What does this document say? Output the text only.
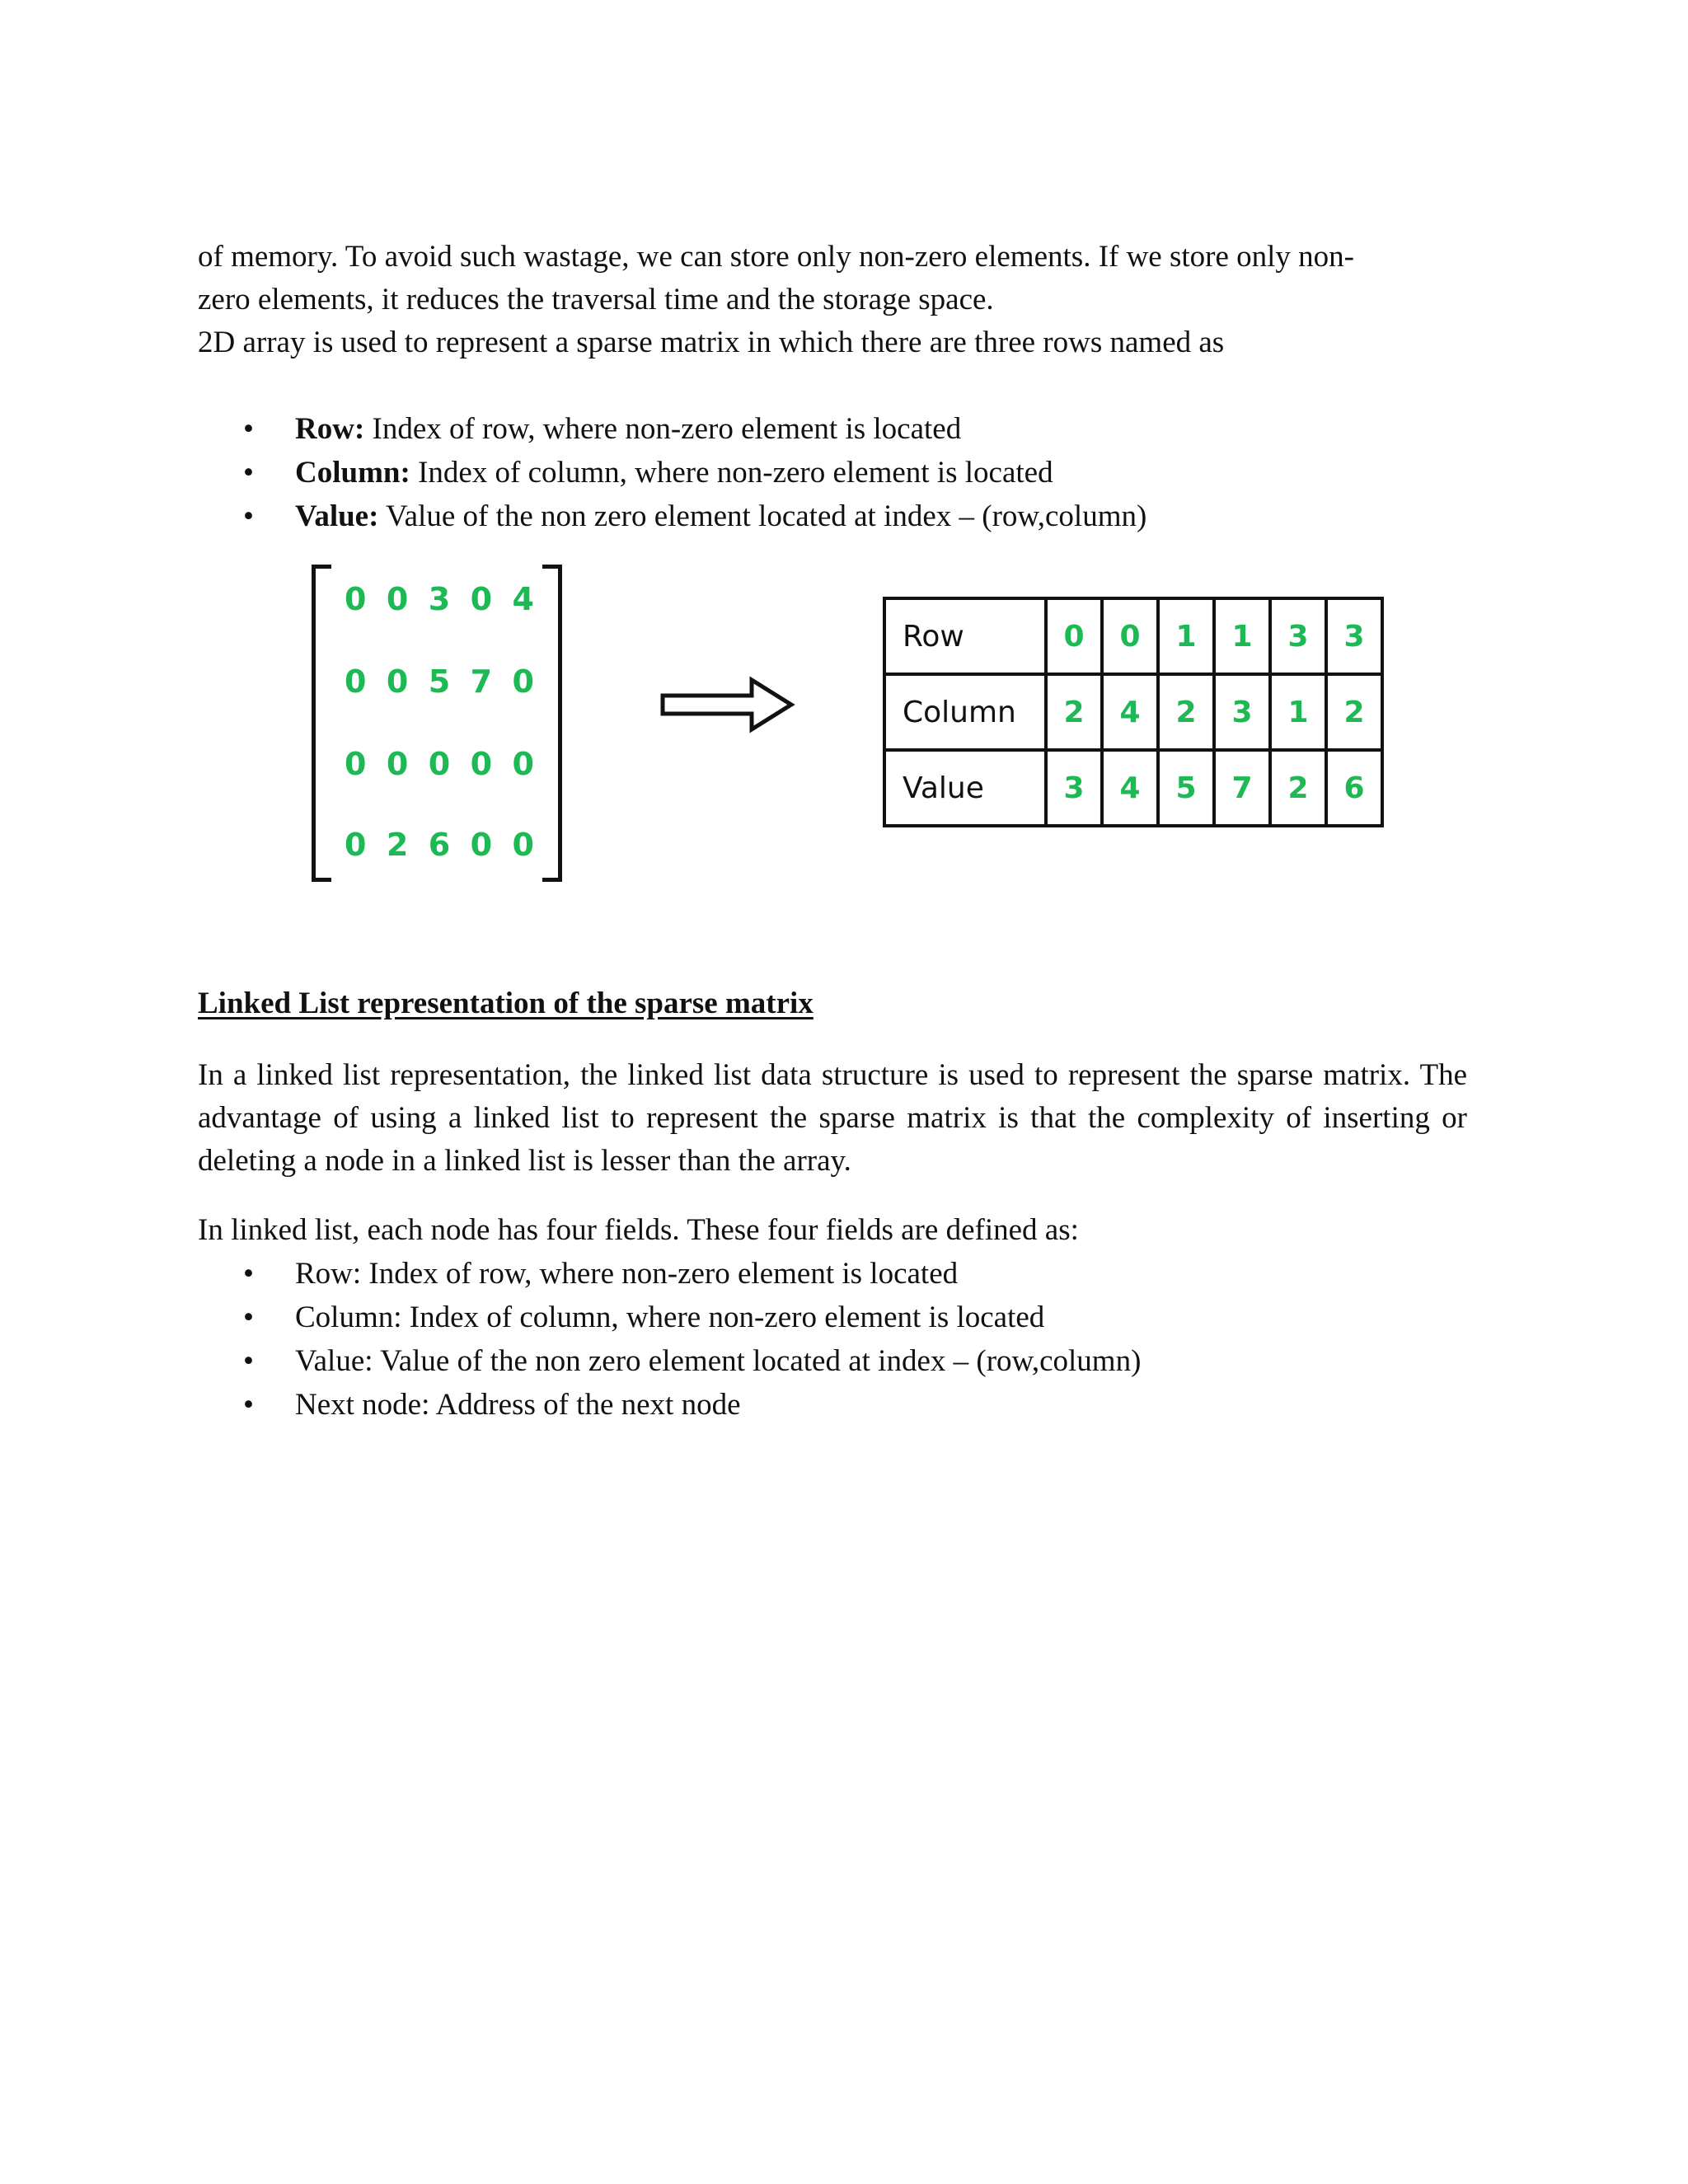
of memory. To avoid such wastage, we can store only non-zero elements. If we store only non-

zero elements, it reduces the traversal time and the storage space.

2D array is used to represent a sparse matrix in which there are three rows named as

• Row: Index of row, where non-zero element is located
• Column: Index of column, where non-zero element is located
• Value: Value of the non zero element located at index – (row,column)
0 0 3 0 4
0 0 5 7 0
0 0 0 0 0
0 2 6 0 0
Row	0	0	1	1	3	3
Column	2	4	2	3	1	2
Value	3	4	5	7	2	6
Linked List representation of the sparse matrix

In a linked list representation, the linked list data structure is used to represent the sparse matrix. The advantage of using a linked list to represent the sparse matrix is that the complexity of inserting or deleting a node in a linked list is lesser than the array.

In linked list, each node has four fields. These four fields are defined as:

• Row: Index of row, where non-zero element is located
• Column: Index of column, where non-zero element is located
• Value: Value of the non zero element located at index – (row,column)
• Next node: Address of the next node
